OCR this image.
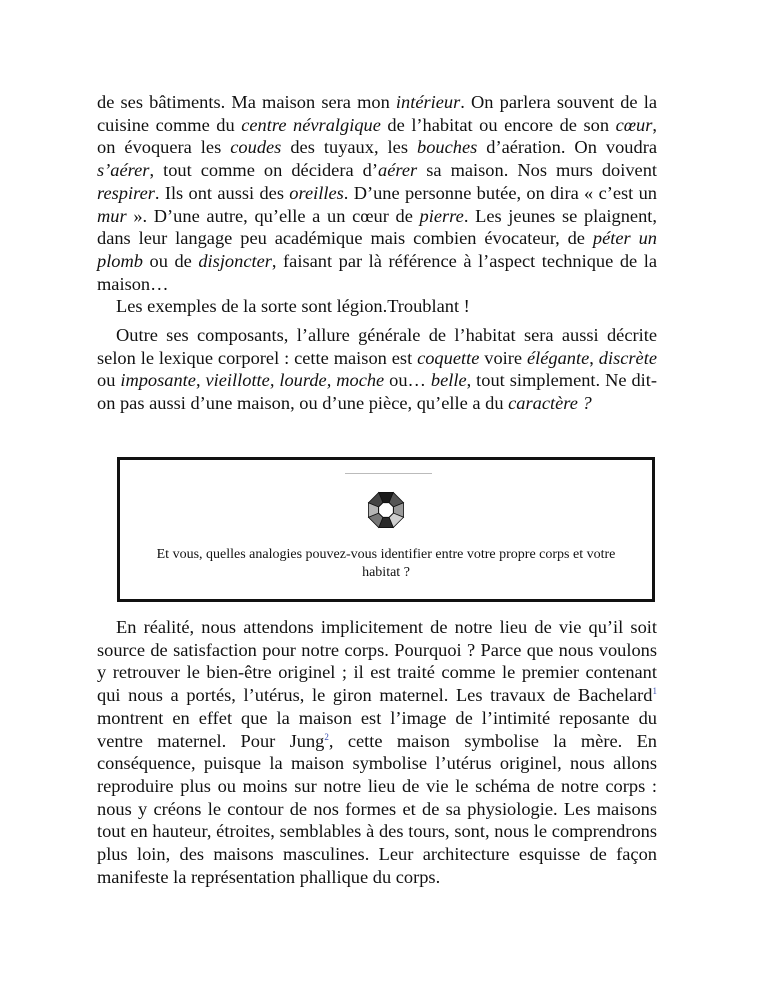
de ses bâtiments. Ma maison sera mon intérieur. On parlera souvent de la cuisine comme du centre névralgique de l’habitat ou encore de son cœur, on évoquera les coudes des tuyaux, les bouches d’aération. On voudra s’aérer, tout comme on décidera d’aérer sa maison. Nos murs doivent respirer. Ils ont aussi des oreilles. D’une personne butée, on dira « c’est un mur ». D’une autre, qu’elle a un cœur de pierre. Les jeunes se plaignent, dans leur langage peu académique mais combien évocateur, de péter un plomb ou de disjoncter, faisant par là référence à l’aspect technique de la maison…

Les exemples de la sorte sont légion.Troublant !

Outre ses composants, l’allure générale de l’habitat sera aussi décrite selon le lexique corporel : cette maison est coquette voire élégante, discrète ou imposante, vieillotte, lourde, moche ou… belle, tout simplement. Ne dit-on pas aussi d’une maison, ou d’une pièce, qu’elle a du caractère ?

Et vous, quelles analogies pouvez-vous identifier entre votre propre corps et votre habitat ?

En réalité, nous attendons implicitement de notre lieu de vie qu’il soit source de satisfaction pour notre corps. Pourquoi ? Parce que nous voulons y retrouver le bien-être originel ; il est traité comme le premier contenant qui nous a portés, l’utérus, le giron maternel. Les travaux de Bachelard$^1$ montrent en effet que la maison est l’image de l’intimité reposante du ventre maternel. Pour Jung$^2$, cette maison symbolise la mère. En conséquence, puisque la maison symbolise l’utérus originel, nous allons reproduire plus ou moins sur notre lieu de vie le schéma de notre corps : nous y créons le contour de nos formes et de sa physiologie. Les maisons tout en hauteur, étroites, semblables à des tours, sont, nous le comprendrons plus loin, des maisons masculines. Leur architecture esquisse de façon manifeste la représentation phallique du corps.
